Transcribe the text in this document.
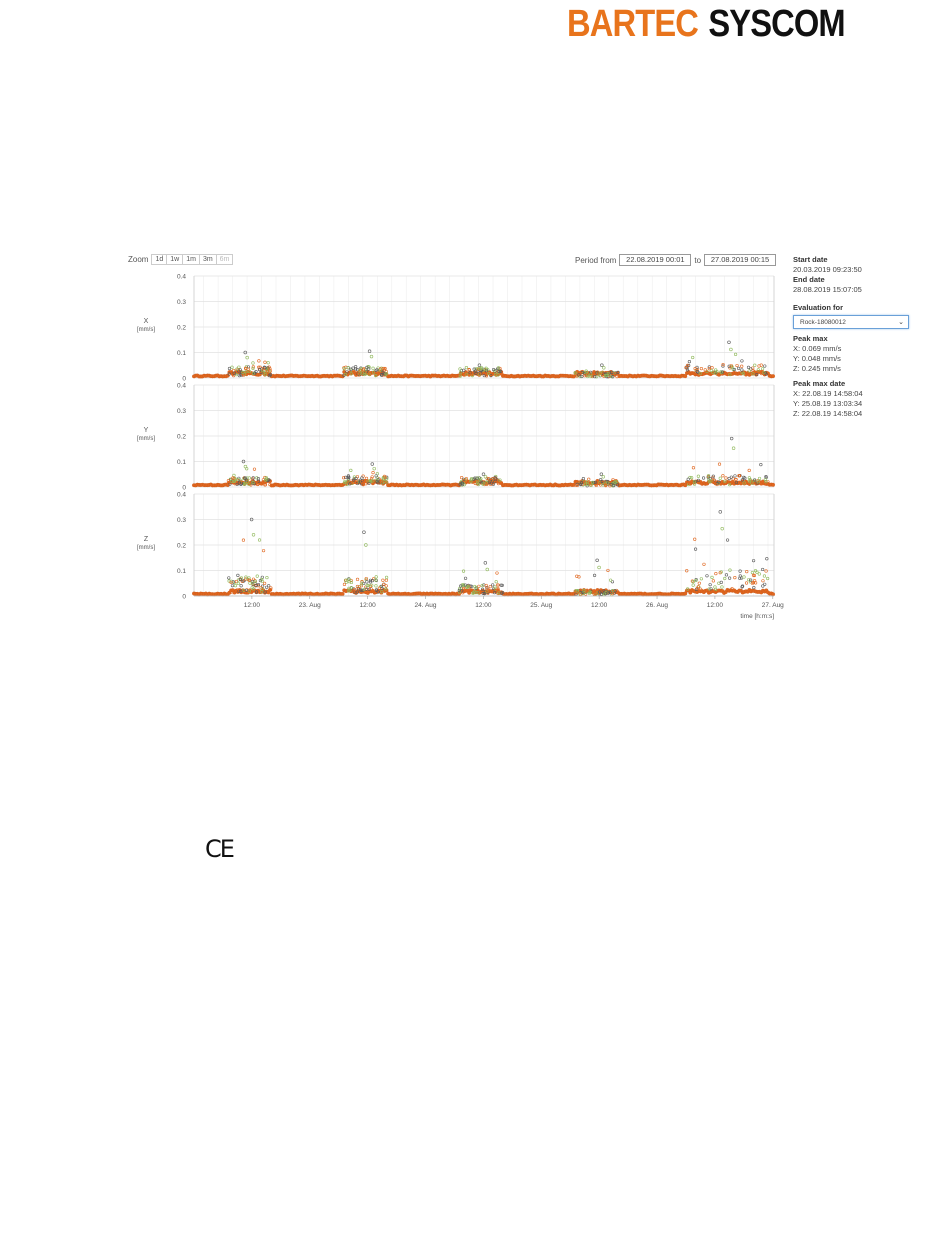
BARTEC SYSCOM
Zoom	1d	1w	1m	3m	6m	Period from	22.08.2019 00:01	to	27.08.2019 00:15
0.4
0.3
0.2
0.1
0
X
[mm/s]
0.4
0.3
0.2
0.1
0
Y
[mm/s]
0.4
0.3
0.2
0.1
0
Z
[mm/s]
12:00	23. Aug	12:00	24. Aug	12:00	25. Aug	12:00	26. Aug	12:00	27. Aug
time [h:m:s]
Start date
20.03.2019 09:23:50
End date
28.08.2019 15:07:05
Evaluation for
Rock-18080012	⌄
Peak max
X: 0.069 mm/s
Y: 0.048 mm/s
Z: 0.245 mm/s
Peak max date
X: 22.08.19 14:58:04
Y: 25.08.19 13:03:34
Z: 22.08.19 14:58:04
CE
